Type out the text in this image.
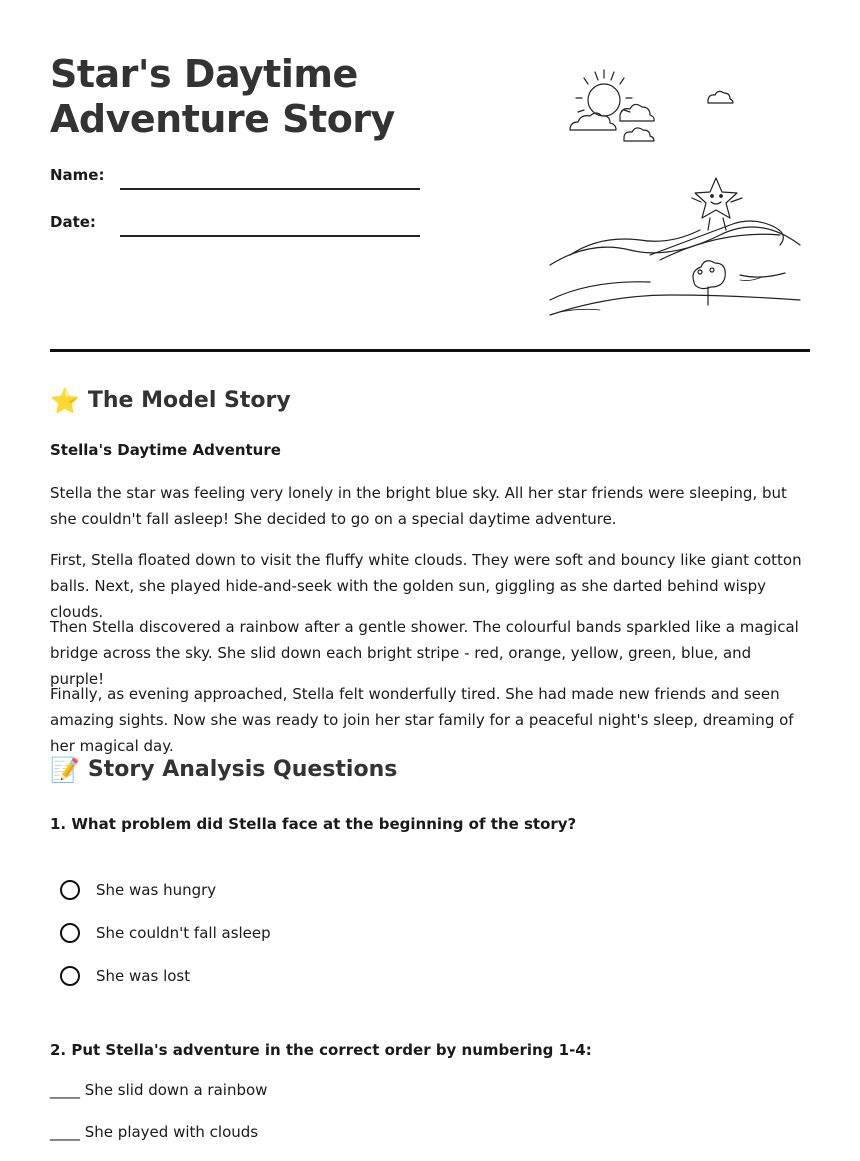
Star's Daytime
Adventure Story
Name:
Date:
⭐ The Model Story
Stella's Daytime Adventure

Stella the star was feeling very lonely in the bright blue sky. All her star friends were sleeping, but she couldn't fall asleep! She decided to go on a special daytime adventure.

First, Stella floated down to visit the fluffy white clouds. They were soft and bouncy like giant cotton balls. Next, she played hide-and-seek with the golden sun, giggling as she darted behind wispy clouds.

Then Stella discovered a rainbow after a gentle shower. The colourful bands sparkled like a magical bridge across the sky. She slid down each bright stripe - red, orange, yellow, green, blue, and purple!

Finally, as evening approached, Stella felt wonderfully tired. She had made new friends and seen amazing sights. Now she was ready to join her star family for a peaceful night's sleep, dreaming of her magical day.

📝 Story Analysis Questions
1. What problem did Stella face at the beginning of the story?
She was hungry
She couldn't fall asleep
She was lost
2. Put Stella's adventure in the correct order by numbering 1-4:
____ She slid down a rainbow
____ She played with clouds
